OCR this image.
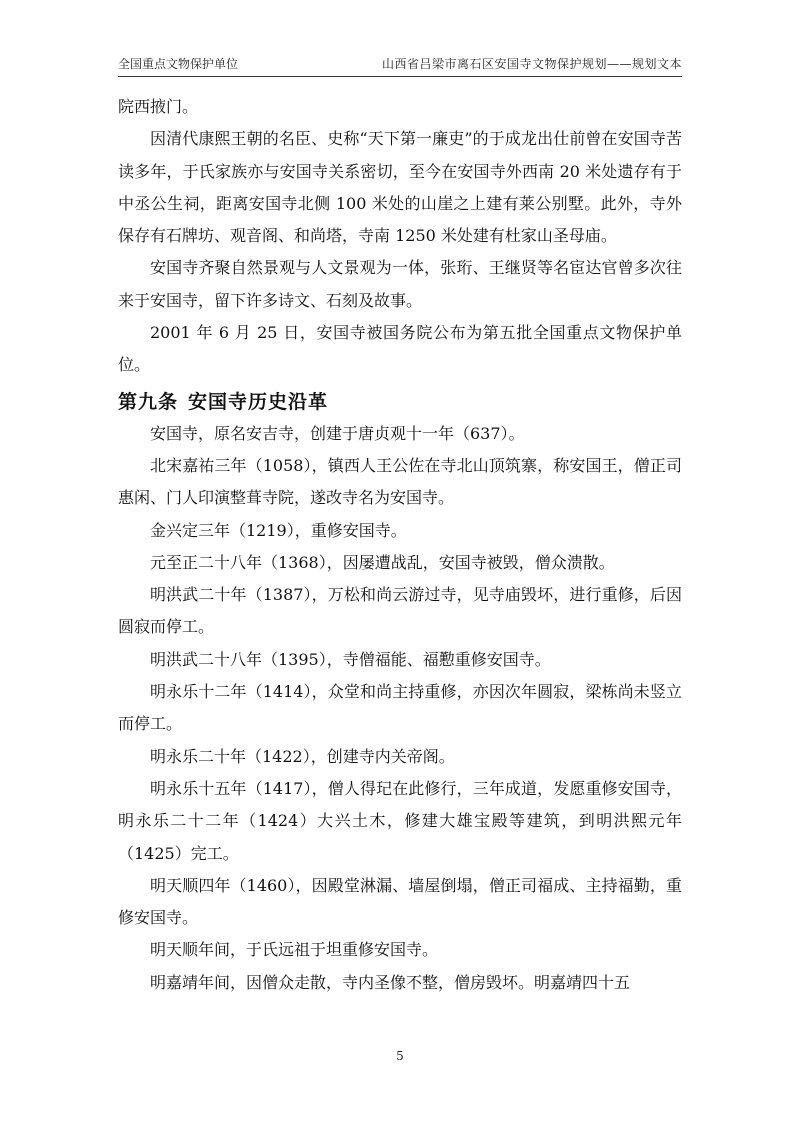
全国重点文物保护单位	山西省吕梁市离石区安国寺文物保护规划——规划文本

院西掖门。

因清代康熙王朝的名臣、史称“天下第一廉吏”的于成龙出仕前曾在安国寺苦读多年，于氏家族亦与安国寺关系密切，至今在安国寺外西南 20 米处遗存有于中丞公生祠，距离安国寺北侧 100 米处的山崖之上建有莱公别墅。此外，寺外保存有石牌坊、观音阁、和尚塔，寺南 1250 米处建有杜家山圣母庙。

安国寺齐聚自然景观与人文景观为一体，张珩、王继贤等名宦达官曾多次往来于安国寺，留下许多诗文、石刻及故事。

2001 年 6 月 25 日，安国寺被国务院公布为第五批全国重点文物保护单位。

第九条 安国寺历史沿革

安国寺，原名安吉寺，创建于唐贞观十一年（637）。

北宋嘉祐三年（1058），镇西人王公佐在寺北山顶筑寨，称安国王，僧正司惠闲、门人印演整葺寺院，遂改寺名为安国寺。

金兴定三年（1219），重修安国寺。

元至正二十八年（1368），因屡遭战乱，安国寺被毁，僧众溃散。

明洪武二十年（1387），万松和尚云游过寺，见寺庙毁坏，进行重修，后因圆寂而停工。

明洪武二十八年（1395），寺僧福能、福懃重修安国寺。

明永乐十二年（1414），众堂和尚主持重修，亦因次年圆寂，梁栋尚未竖立而停工。

明永乐二十年（1422），创建寺内关帝阁。

明永乐十五年（1417），僧人得玘在此修行，三年成道，发愿重修安国寺，明永乐二十二年（1424）大兴土木，修建大雄宝殿等建筑，到明洪熙元年（1425）完工。

明天顺四年（1460），因殿堂淋漏、墙屋倒塌，僧正司福成、主持福勤，重修安国寺。

明天顺年间，于氏远祖于坦重修安国寺。

明嘉靖年间，因僧众走散，寺内圣像不整，僧房毁坏。明嘉靖四十五

5
